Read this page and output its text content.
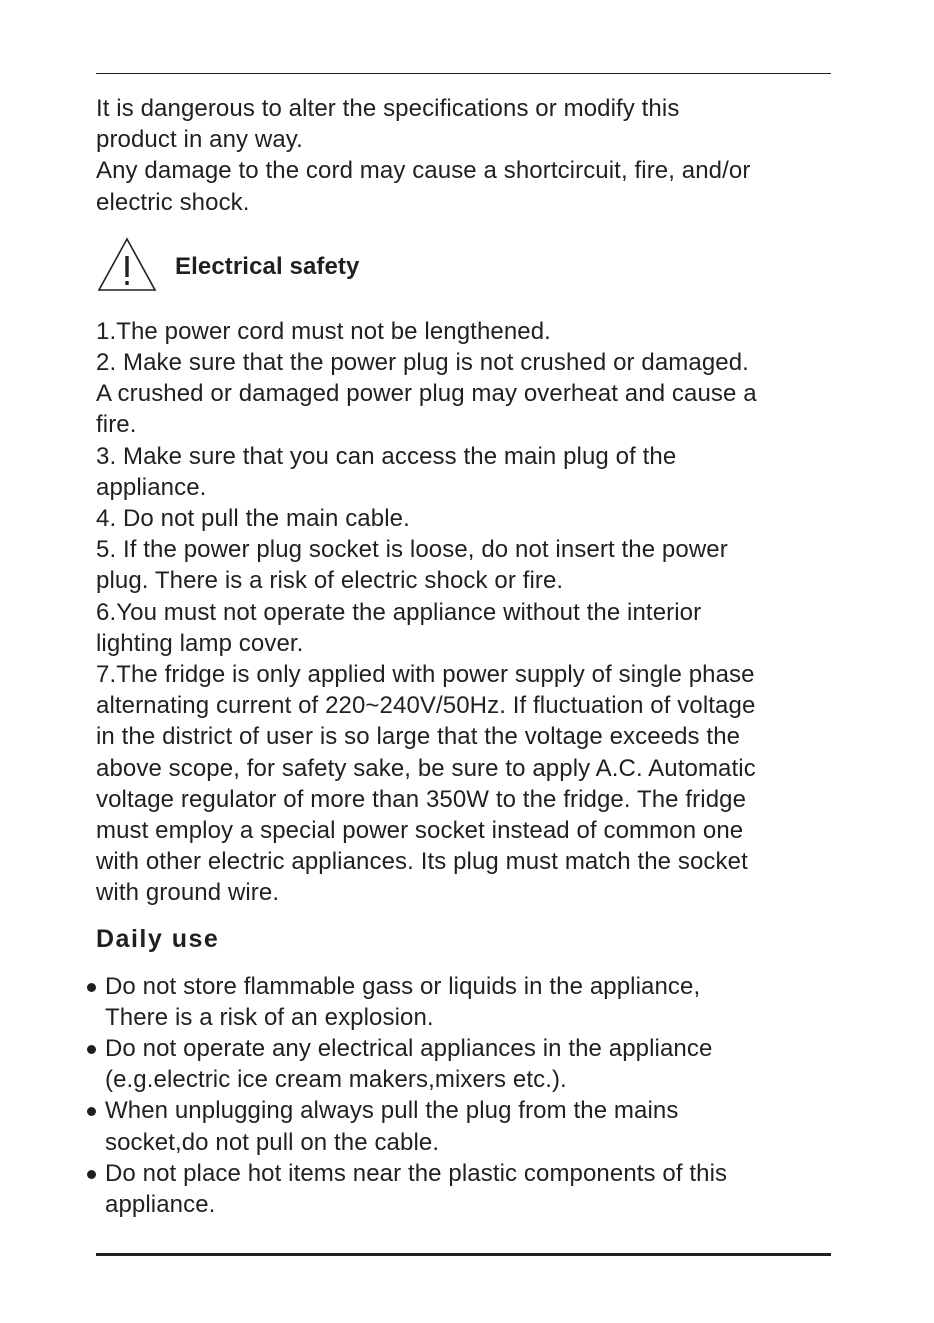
It is dangerous to alter the specifications or modify this

product in any way.

Any damage to the cord may cause a shortcircuit, fire, and/or

electric shock.

Electrical safety

1.The power cord must not be lengthened.

2. Make sure that the power plug is not crushed or damaged.

A crushed or damaged power plug may overheat and cause a

fire.

3. Make sure that you can access the main plug of the

appliance.

4. Do not pull the main cable.

5. If the power plug socket is loose, do not insert the power

plug. There is a risk of electric shock or fire.

6.You must not operate the appliance without the interior

lighting lamp cover.

7.The fridge is only applied with power supply of single phase

alternating current of 220~240V/50Hz. If fluctuation of voltage

in the district of user is so large that the voltage exceeds the

above scope, for safety sake, be sure to apply A.C. Automatic

voltage regulator of more than 350W to the fridge. The fridge

must employ a special power socket instead of common one

with other electric appliances. Its plug must match the socket

with ground wire.

Daily use

Do not store flammable gass or liquids in the appliance,

There is a risk of an explosion.

Do not operate any electrical appliances in the appliance

(e.g.electric ice cream makers,mixers etc.).

When unplugging always pull the plug from the mains

socket,do not pull on the cable.

Do not place hot items near the plastic components of this

appliance.
